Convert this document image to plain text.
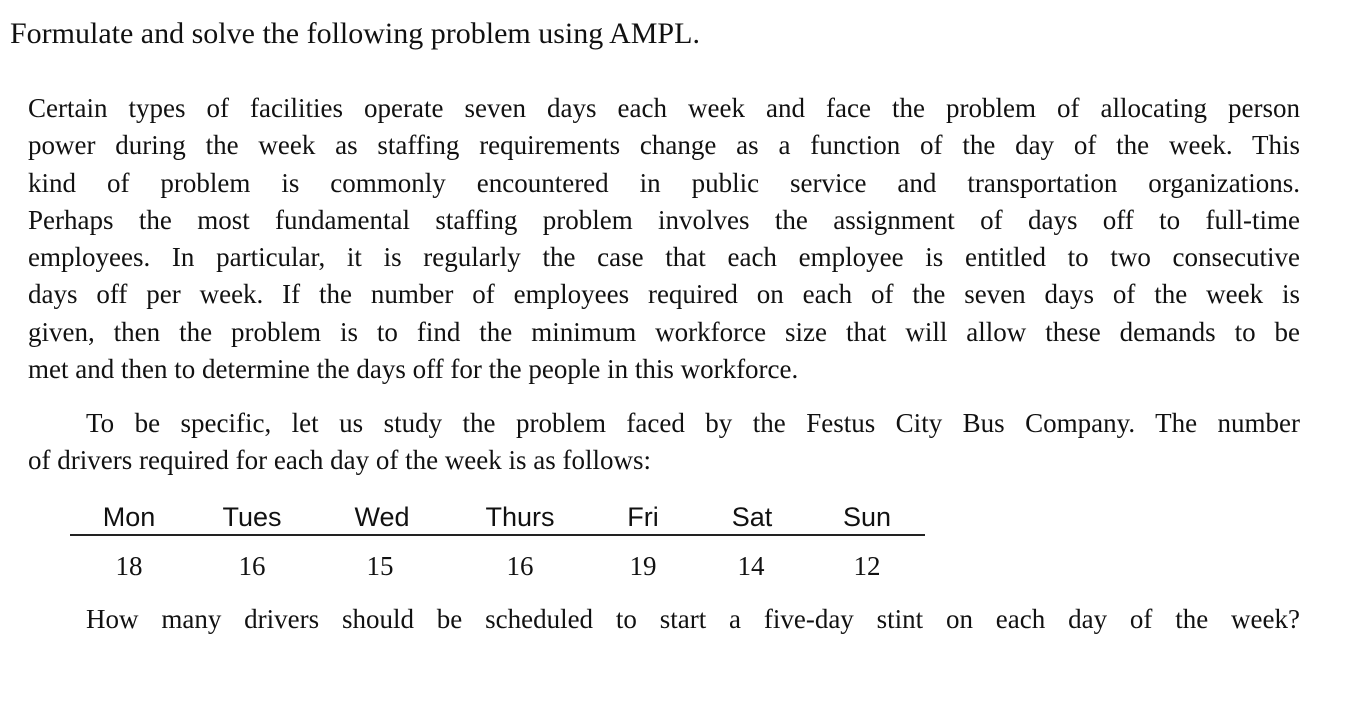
Formulate and solve the following problem using AMPL.
Certain types of facilities operate seven days each week and face the problem of allocating person
power during the week as staffing requirements change as a function of the day of the week. This
kind of problem is commonly encountered in public service and transportation organizations.
Perhaps the most fundamental staffing problem involves the assignment of days off to full-time
employees. In particular, it is regularly the case that each employee is entitled to two consecutive
days off per week. If the number of employees required on each of the seven days of the week is
given, then the problem is to find the minimum workforce size that will allow these demands to be
met and then to determine the days off for the people in this workforce.
To be specific, let us study the problem faced by the Festus City Bus Company. The number
of drivers required for each day of the week is as follows:
Mon Tues	Wed	Thurs	Fri	Sat	Sun
18	16	15	16	19	14	12
How many drivers should be scheduled to start a five-day stint on each day of the week?
